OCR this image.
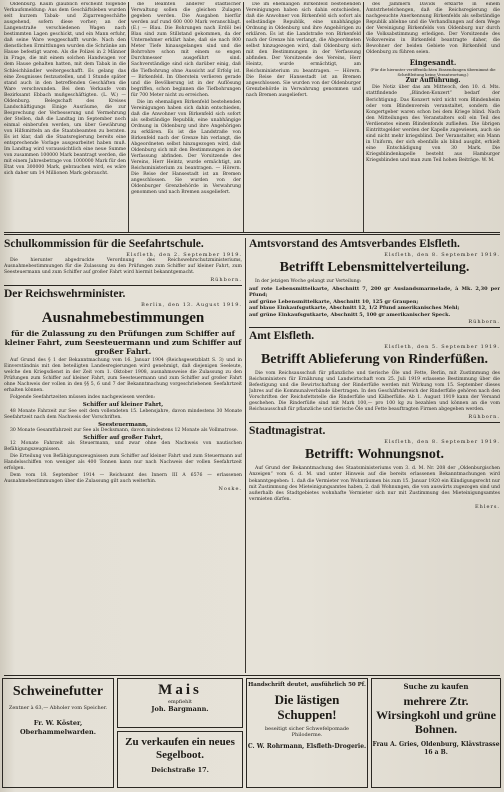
Oldenburg. Kaum glaublich erscheint folgende Verkaufsmeldung: Aus dem Geschäftsleben wurden seit kurzem Tabak- und Zigarrengeschäfte ausgehend, sofern diese vorher; an der Langenstraße verschiedenen Wagen nach bestimmten Lagen geschickt, und ein Mann erfuhr, daß seine Ware weggeschafft wurde. Nach den dienstlichen Ermittlungen wurden die Schränke am Hause befestigt waren. Als die Polizei in 2 Männer in Frage, die mit einem solchen Handwagen vor dem Hause gehalten hatten, mit dem Tabak in die Schleichhändler weitergeschafft. Es gelang das eine Zeugnisses festzustellen, und 1 Stunde später stand auch in den betreffenden Geschäften die Ware verschwunden. Bei dem Verkaufe vom Bezirksamt Ebbach mußgeschäftigten. (L. W.) — Oldenburg. Belegschaft des Kreises Landschäftigungs Einige Ausräume, die zur Besprechung der Verbesserung und Vermehrung der Stellen, daß die Landtag im September noch einmal einberufen werden, um über Gewährung von Hilfsmitteln an die Staatsbeamten zu beraten. Es ist klar, daß die Staatsregierung bereits eine entsprechende Vorlage ausgearbeitet haben muß. Im Landtag wird voraussichtlich eine neue Summe von zusammen 100000 Mark beantragt werden, die mit einem Jahresbetrage von 1000000 Mark für den Etat von 300000 Mark, gebrauchen wird, es wäre sich daher um 14 Millionen Mark gebraucht.

die Beamten anderer städtischer Verwaltung sollen die gleichen Zulagen gegeben werden. Die Ausgaben hierfür werden auf rund 600 000 Mark veranschlagt. (E.) — Blau. Die Bohrungen nach Erdöl bei Blau sind zum Stillstand gekommen, da der Unternehmer erklärt habe, daß sie nach 800 Meter Tiefe hinausgelangen sind und die Bohrrohre schon mit einem so engen Durchmesser ausgeführt sind. Sachverständige sind sich darüber einig, daß die Tiefbohrung ohne Aussicht auf Erfolg ist. — Birkenfeld. Im Oberstein verlieren gerade und die Bevölkerung ist in der Auflösung begriffen, schon beginnen die Tiefbohrungen für 700 Meter nicht zu erreichen.

Die im ehemaligen Birkenfeld bestehenden Vereinigungen haben sich dahin entschieden, daß die Anwohner von Birkenfeld sich sofort als selbständige Republik, eine unabhängige Ordnung in Oldenburg und ihre Angehörigen zu erklären. Es ist die Landstraße von Birkenfeld nach der Grenze hin verlangt, die Abgeordneten selbst hinzugezogen wird, daß Oldenburg sich mit den Bestimmungen in der Verfassung abfinden. Der Vorsitzende des Vereins, Herr Heintz, wurde ermächtigt, am Reichsministerium zu beantragen. — Hörern. Die Reise der Hansestadt ist an Bremen angeschlossen. Sie wurden von der Oldenburger Grenzbehörde in Verwahrung genommen und nach Bremen ausgeliefert.

Die im ehemaligen Birkenfeld bestehenden Vereinigungen haben sich dahin entschieden, daß die Anwohner von Birkenfeld sich sofort als selbständige Republik, eine unabhängige Ordnung in Oldenburg und ihre Angehörigen zu erklären. Es ist die Landstraße von Birkenfeld nach der Grenze hin verlangt, die Abgeordneten selbst hinzugezogen wird, daß Oldenburg sich mit den Bestimmungen in der Verfassung abfinden. Der Vorsitzende des Vereins, Herr Heintz, wurde ermächtigt, am Reichsministerium zu beantragen. — Hörern. Die Reise der Hansestadt ist an Bremen angeschlossen. Sie wurden von der Oldenburger Grenzbehörde in Verwahrung genommen und nach Bremen ausgeliefert.

des Jammern Davids erklärte in einem Amtstrhetelchengen, daß die Reichsregierung die nachgesuchte Anerkennung Birkenfelds als selbständige Republik ablehne und die Verhandlungen auf dem Wege der Vereinigung Birkenfelds von Oldenburg nur durch die Volksabstimmung erledigen. Der Vorsitzende des Volksvereins in Birkenfeld beantragte daher, die Bewohner der beiden Gebiete von Birkenfeld und Oldenburg zu führen seien.

Eingesandt.
(Für die hierunter veröffentlichten Einsendungen übernimmt die Schriftleitung keine Verantwortung.)
Zur Aufführung.

Die Notiz über das am Mittwoch, den 10. d. Mts. stattfindende „Blinden-Konzert“ bedarf der Berichtigung. Das Konzert wird nicht vom Blindenheim oder vom Blindenverein veranstaltet, sondern die Kongertgeber waren schon bei dem Kriege blind. Nach den Mitteilungen des Veranstalters soll ein Teil des Verdienstes einem Blindenfonds zufließen. Die übrigen Eintrittsgelder werden der Kapelle zugewiesen, auch sie sind nicht mehr kriegsblind. Der Veranstalter, ein Mann in Uniform, der sich ebenfalls als blind ausgibt, erhielt eine Entschädigung von 30 Mark. Die Kriegsblindenkapelle besteht aus Hamburger Kriegsblinden und man zum Teil hohen Beiträge. W. M.

Schulkommission für die Seefahrtschule.
Elsfleth, den 2. September 1919.

Die hierunter abgedruckte Verordnung des Reichswehrschutzministeriums, Ausnahmebestimmungen für die Zulassung zu den Prüfungen zum Schiffer auf kleiner Fahrt, zum Seesteuermann und zum Schiffer auf großer Fahrt wird hiermit bekanntgemacht.

Rühborn.
Der Reichswehrminister.
Berlin, den 13. August 1919.
Ausnahmebestimmungen
für die Zulassung zu den Prüfungen zum Schiffer auf kleiner Fahrt, zum Seesteuermann und zum Schiffer auf großer Fahrt.

Auf Grund des § 1 der Bekanntmachung vom 16. Januar 1904 (Reichsgesetzblatt S. 3) und in Einverständnis mit den beteiligten Landesregierungen wird genehmigt, daß diejenigen Seeleute, welche den Kriegsdienst in der Zeit vom 1. Oktober 1908, ausnahmsweise die Zulassung zu den Prüfungen zum Schiffer auf kleiner Fahrt, zum Seesteuermann und zum Schiffer auf großer Fahrt ohne Nachweis der vollen in den §§ 5, 6 und 7 der Bekanntmachung vorgeschriebenen Seefahrtzeit erhalten können.

Folgende Seefahrtzeiten müssen indes nachgewiesen werden:

Schiffer auf kleiner Fahrt,

48 Monate Fahrzeit zur See seit dem vollendeten 15. Lebensjahre, davon mindestens 30 Monate Seefahrtzeit nach dem Nachweis der Vorschriften.

Seesteuermann,

30 Monate Gesamtfahrzeit zur See als Decksmann, davon mindestens 12 Monate als Vollmatrose.

Schiffer auf großer Fahrt,

12 Monate Fahrzeit als Steuermann, und zwar ohne den Nachweis von nautischen Befähigungszeugnissen.

Die Erteilung von Befähigungszeugnissen zum Schiffer auf kleiner Fahrt und zum Steuermann auf Handelsschiffen von weniger als 400 Tonnen kann nur nach Nachweis der vollen Seefahrtzeit erfolgen.

Dem vom 18. September 1914 — Reichsamt des Innern III A 6576 — erlassenen Ausnahmebestimmungen über die Zulassung gilt auch weiterhin.

Noske.
Amtsvorstand des Amtsverbandes Elsfleth.
Elsfleth, den 8. September 1919.
Betrifft Lebensmittelverteilung.

In der jetzigen Woche gelangt zur Verteilung:

auf rote Lebensmittelkarte, Abschnitt 7, 200 gr Auslandsmarmelade, à Mk. 2,30 per Pfund;
auf grüne Lebensmittelkarte, Abschnitt 10, 125 gr Graupen;
auf blaue Einkaufsgutkarte, Abschnitt 12, 1/2 Pfund amerikanisches Mehl;
auf grüne Einkaufsgutkarte, Abschnitt 5, 100 gr amerikanischer Speck.
Rühborn.
Amt Elsfleth.
Elsfleth, den 5. September 1919.
Betrifft Ablieferung von Rinderfüßen.

Die vom Reichsausschuß für pflanzliche und tierische Öle und Fette, Berlin, mit Zustimmung des Reichsministers für Ernährung und Landwirtschaft vom 25. Juli 1919 erlassene Bestimmung über die Befestigung und die Bewirtschaftung der Rinderfüße werden mit Wirkung vom 15. September dieses Jahres auf die Kommunalverbände übertragen. In den Geschäftsbereich der Rinderfüße gehören nach den Vorschriften der Reichsfettstelle die Rinderfüße und Kälberfüße. Ab 1. August 1919 kann der Versand geschehen. Die Rinderfüße sind mit Mark 100,— pro 100 kg zu bezahlen und können an die vom Reichsausschuß für pflanzliche und tierische Öle und Fette beauftragten Firmen abgegeben werden.

Rühborn.
Stadtmagistrat.
Elsfleth, den 8. September 1919.
Betrifft: Wohnungsnot.

Auf Grund der Bekanntmachung des Staatsministeriums vom 3. d. M. Nr. 208 der „Oldenburgischen Anzeigen“ vom 6. d. M. und unter Hinweis auf die bereits erlassenen Bekanntmachungen wird bekanntgegeben: 1. daß die Vermieter von Wohnräumen bis zum 15. Januar 1920 ein Kündigungsrecht nur mit Zustimmung des Mieteinigungsamtes haben, 2. daß Wohnungen, die von auswärts zugezogen sind und außerhalb des Stadtgebietes wohnhafte Vermieter sich nur mit Zustimmung des Mieteinigungsamtes vermieten dürfen.

Ehlers.
Schweinefutter
Zentner à 63,— Abholer vom Speicher.
Fr. W. Köster, Oberhammelwarden.
Mais
empfiehlt
Joh. Bargmann.
Zu verkaufen ein neues Segelboot.
Deichstraße 17.
Handschrift deutet, ausführlich 50 Pf.
Die lästigen Schuppen!
beseitigt sicher Schwefelpomade Philoderme.
C. W. Rohrmann, Elsfleth-Drogerie.
Suche zu kaufen
mehrere Ztr. Wirsingkohl und grüne Bohnen.
Frau A. Gries, Oldenburg, Klävstrasse 16 a B.
